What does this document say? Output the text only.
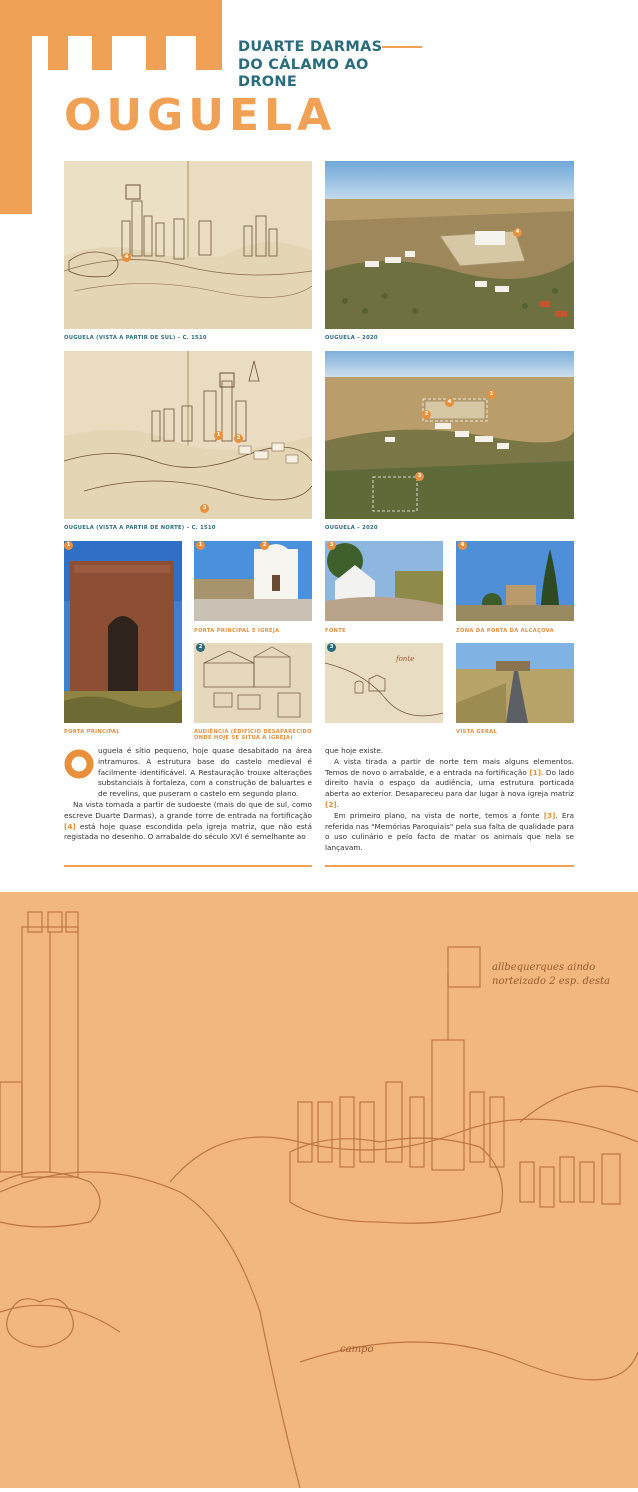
DUARTE DARMAS
DO CÁLAMO AO DRONE
OUGUELA
4
OUGUELA (VISTA A PARTIR DE SUL) – C. 1510
4
OUGUELA – 2020
1	2
3
OUGUELA (VISTA A PARTIR DE NORTE) – C. 1510
1
2
3
4
OUGUELA – 2020
1
PORTA PRINCIPAL
1	2
PORTA PRINCIPAL E IGREJA
3
FONTE
4
ZONA DA PORTA DA ALCÁÇOVA
2
AUDIÊNCIA (EDIFÍCIO DESAPARECIDO
ONDE HOJE SE SITUA A IGREJA)
fonte
3
VISTA GERAL

uguela é sítio pequeno, hoje quase desabitado na área intramuros. A estrutura base do castelo medieval é facilmente identificável. A Restauração trouxe alterações substanciais à fortaleza, com a construção de baluartes e de revelins, que puseram o castelo em segundo plano.

Na vista tomada a partir de sudoeste (mais do que de sul, como escreve Duarte Darmas), a grande torre de entrada na fortificação [4] está hoje quase escondida pela igreja matriz, que não está registada no desenho. O arrabalde do século XVI é semelhante ao

que hoje existe.

A vista tirada a partir de norte tem mais alguns elementos. Temos de novo o arrabalde, e a entrada na fortificação [1]. Do lado direito havia o espaço da audiência, uma estrutura porticada aberta ao exterior. Desapareceu para dar lugar à nova igreja matriz [2].

Em primeiro plano, na vista de norte, temos a fonte [3]. Era referida nas "Memórias Paroquiais" pela sua falta de qualidade para o uso culinário e pelo facto de matar os animais que nela se lançavam.

allbequerques aindo
norteizado 2 esp. desta
campo
